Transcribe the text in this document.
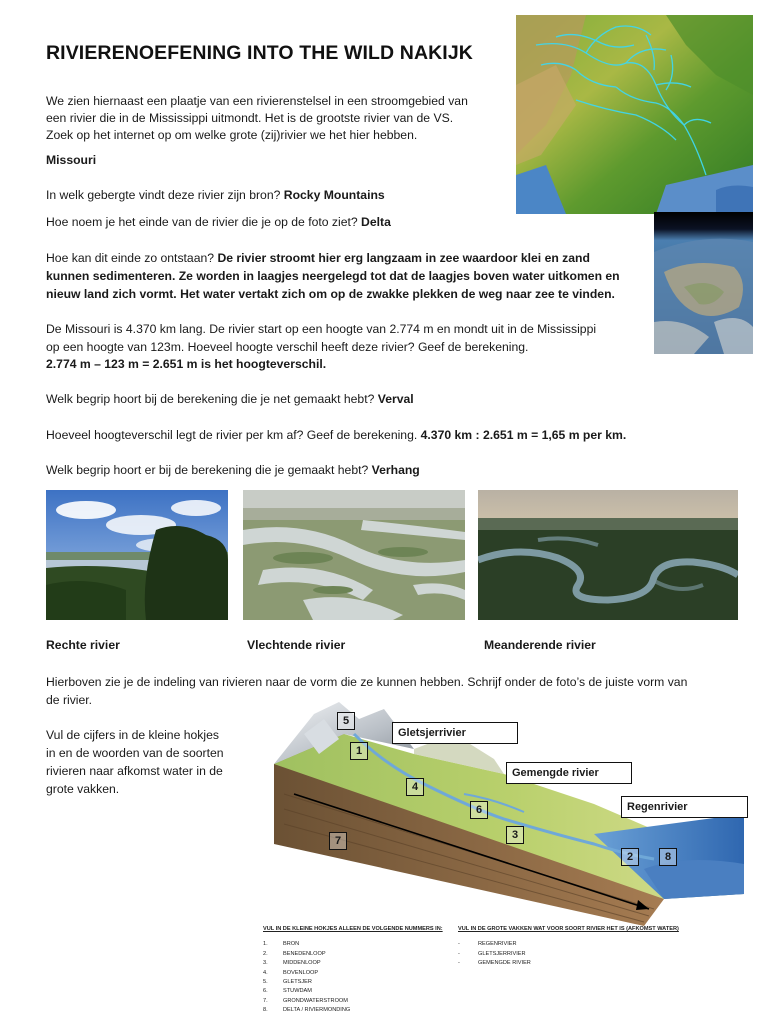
RIVIERENOEFENING INTO THE WILD NAKIJK

We zien hiernaast een plaatje van een rivierenstelsel in een stroomgebied van

een rivier die in de Mississippi uitmondt. Het is de grootste rivier van de VS.

Zoek op het internet op om welke grote (zij)rivier we het hier hebben.

Missouri

In welk gebergte vindt deze rivier zijn bron? Rocky Mountains

Hoe noem je het einde van de rivier die je op de foto ziet? Delta

Hoe kan dit einde zo ontstaan? De rivier stroomt hier erg langzaam in zee waardoor klei en zand

kunnen sedimenteren. Ze worden in laagjes neergelegd tot dat de laagjes boven water uitkomen en

nieuw land zich vormt. Het water vertakt zich om op de zwakke plekken de weg naar zee te vinden.

De Missouri is 4.370 km lang. De rivier start op een hoogte van 2.774 m en mondt uit in de Mississippi

op een hoogte van 123m. Hoeveel hoogte verschil heeft deze rivier? Geef de berekening.

2.774 m – 123 m = 2.651 m is het hoogteverschil.

Welk begrip hoort bij de berekening die je net gemaakt hebt? Verval

Hoeveel hoogteverschil legt de rivier per km af? Geef de berekening. 4.370 km : 2.651 m = 1,65 m per km.

Welk begrip hoort er bij de berekening die je gemaakt hebt? Verhang

Rechte rivier	Vlechtende rivier	Meanderende rivier

Hierboven zie je de indeling van rivieren naar de vorm die ze kunnen hebben. Schrijf onder de foto’s de juiste vorm van

de rivier.

Vul de cijfers in de kleine hokjes

in en de woorden van de soorten

rivieren naar afkomst water in de

grote vakken.

5
1
4
6
3
7
2	8
Gletsjerrivier
Gemengde rivier
Regenrivier
VUL IN DE KLEINE HOKJES ALLEEN DE VOLGENDE NUMMERS IN:
1.	BRON
2.	BENEDENLOOP
3.	MIDDENLOOP
4.	BOVENLOOP
5.	GLETSJER
6.	STUWDAM
7.	GRONDWATERSTROOM
8.	DELTA / RIVIERMONDING
VUL IN DE GROTE VAKKEN WAT VOOR SOORT RIVIER HET IS (AFKOMST WATER)
-	REGENRIVIER
-	GLETSJERRIVIER
-	GEMENGDE RIVIER
